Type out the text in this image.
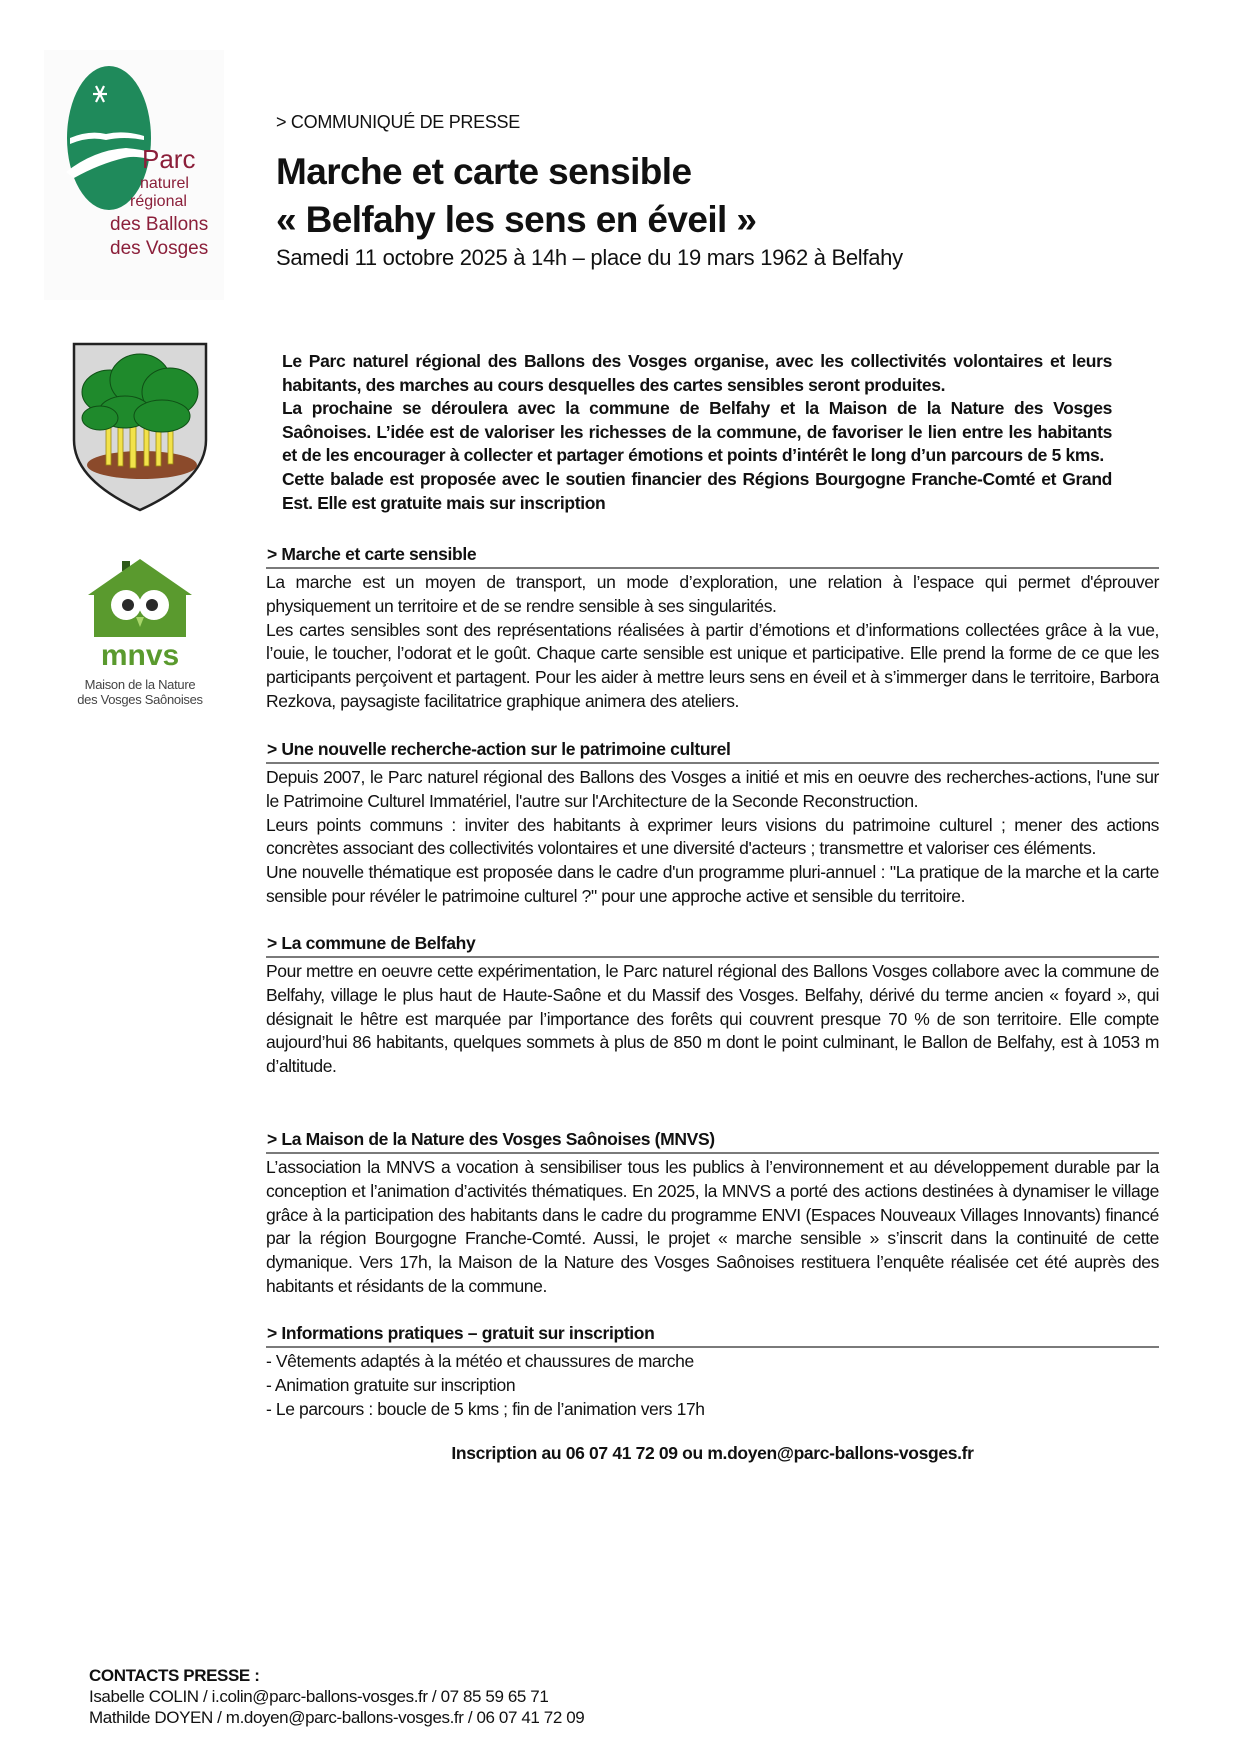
Parc
naturel
régional
des Ballons
des Vosges
> COMMUNIQUÉ DE PRESSE
Marche et carte sensible
« Belfahy les sens en éveil »
Samedi 11 octobre 2025 à 14h – place du 19 mars 1962 à Belfahy
mnvs
Maison de la Nature
des Vosges Saônoises

Le Parc naturel régional des Ballons des Vosges organise, avec les collectivités volontaires et leurs habitants, des marches au cours desquelles des cartes sensibles seront produites.

La prochaine se déroulera avec la commune de Belfahy et la Maison de la Nature des Vosges Saônoises. L’idée est de valoriser les richesses de la commune, de favoriser le lien entre les habitants et de les encourager à collecter et partager émotions et points d’intérêt le long d’un parcours de 5 kms.

Cette balade est proposée avec le soutien financier des Régions Bourgogne Franche-Comté et Grand Est. Elle est gratuite mais sur inscription

> Marche et carte sensible

La marche est un moyen de transport, un mode d’exploration, une relation à l’espace qui permet d'éprouver physiquement un territoire et de se rendre sensible à ses singularités.

Les cartes sensibles sont des représentations réalisées à partir d’émotions et d’informations collectées grâce à la vue, l’ouie, le toucher, l’odorat et le goût. Chaque carte sensible est unique et participative. Elle prend la forme de ce que les participants perçoivent et partagent. Pour les aider à mettre leurs sens en éveil et à s’immerger dans le territoire, Barbora Rezkova, paysagiste facilitatrice graphique animera des ateliers.

> Une nouvelle recherche-action sur le patrimoine culturel

Depuis 2007, le Parc naturel régional des Ballons des Vosges a initié et mis en oeuvre des recherches-actions, l'une sur le Patrimoine Culturel Immatériel, l'autre sur l'Architecture de la Seconde Reconstruction.

Leurs points communs : inviter des habitants à exprimer leurs visions du patrimoine culturel ; mener des actions concrètes associant des collectivités volontaires et une diversité d'acteurs ; transmettre et valoriser ces éléments.

Une nouvelle thématique est proposée dans le cadre d'un programme pluri-annuel : "La pratique de la marche et la carte sensible pour révéler le patrimoine culturel ?" pour une approche active et sensible du territoire.

> La commune de Belfahy

Pour mettre en oeuvre cette expérimentation, le Parc naturel régional des Ballons Vosges collabore avec la commune de Belfahy, village le plus haut de Haute-Saône et du Massif des Vosges. Belfahy, dérivé du terme ancien « foyard », qui désignait le hêtre est marquée par l’importance des forêts qui couvrent presque 70 % de son territoire. Elle compte aujourd’hui 86 habitants, quelques sommets à plus de 850 m dont le point culminant, le Ballon de Belfahy, est à 1053 m d’altitude.

> La Maison de la Nature des Vosges Saônoises (MNVS)

L’association la MNVS a vocation à sensibiliser tous les publics à l’environnement et au développement durable par la conception et l’animation d’activités thématiques. En 2025, la MNVS a porté des actions destinées à dynamiser le village grâce à la participation des habitants dans le cadre du programme ENVI (Espaces Nouveaux Villages Innovants) financé par la région Bourgogne Franche-Comté. Aussi, le projet « marche sensible » s’inscrit dans la continuité de cette dymanique. Vers 17h, la Maison de la Nature des Vosges Saônoises restituera l’enquête réalisée cet été auprès des habitants et résidants de la commune.

> Informations pratiques – gratuit sur inscription

- Vêtements adaptés à la météo et chaussures de marche

- Animation gratuite sur inscription

- Le parcours : boucle de 5 kms ; fin de l’animation vers 17h

Inscription au 06 07 41 72 09 ou m.doyen@parc-ballons-vosges.fr
CONTACTS PRESSE :
Isabelle COLIN / i.colin@parc-ballons-vosges.fr / 07 85 59 65 71
Mathilde DOYEN / m.doyen@parc-ballons-vosges.fr / 06 07 41 72 09
